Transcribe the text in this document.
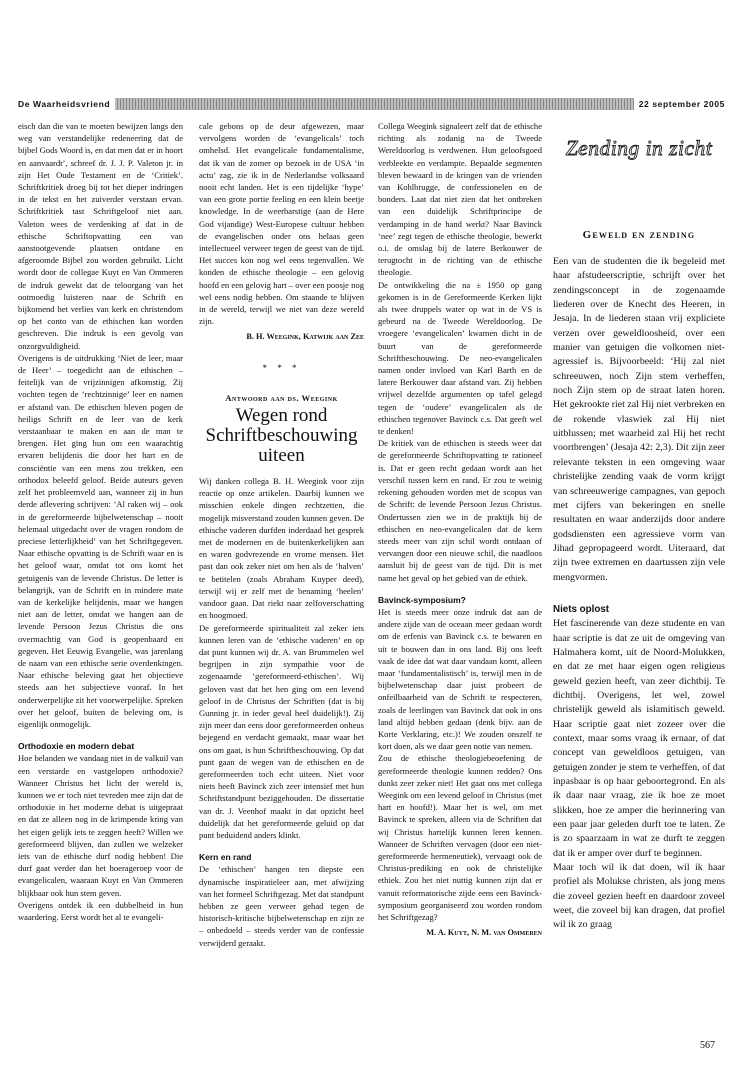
De Waarheidsvriend	22 september 2005

eisch dan die van te moeten bewijzen langs den weg van verstandelijke redeneering dat de bijbel Gods Woord is, en dat men dat er in hoort en aanvaardt’, schreef dr. J. J. P. Valeton jr. in zijn Het Oude Testament en de ‘Critiek’. Schriftkritiek droeg bij tot het dieper indringen in de tekst en het zuiverder verstaan ervan. Schriftkritiek tast Schriftgeloof niet aan. Valeton wees de verdenking af dat in de ethische Schriftopvatting een van aanstootgevende plaatsen ontdane en afgeroomde Bijbel zou worden gebruikt. Licht wordt door de collegae Kuyt en Van Ommeren de indruk gewekt dat de teloorgang van het ootmoedig luisteren naar de Schrift en bijkomend het verlies van kerk en christendom op het conto van de ethischen kan worden geschreven. Die indruk is een gevolg van onzorgvuldigheid.

Overigens is de uitdrukking ‘Niet de leer, maar de Heer’ – toegedicht aan de ethischen – feitelijk van de vrijzinnigen afkomstig. Zij vochten tegen de ‘rechtzinnige’ leer en namen er afstand van. De ethischen bleven pogen de heiligs Schrift en de leer van de kerk verstaanbaar te maken en aan de man te brengen. Het ging hun om een waarachtig ervaren belijdenis die door het hart en de consciëntie van een mens zou trekken, een orthodox beleefd geloof. Beide auteurs geven zelf het probleemveld aan, wanneer zij in hun derde aflevering schrijven: ‘Al raken wij – ook in de gereformeerde bijbelwetenschap – nooit helemaal uitgedacht over de vragen rondom de preciese letterlijkheid’ van het Schriftgegeven. Naar ethische opvatting is de Schrift waar en is het geloof waar, omdat tot ons komt het getuigenis van de levende Christus. De letter is belangrijk, van de Schrift en in mindere mate van de kerkelijke belijdenis, maar we hangen niet aan de letter, omdat we hangen aan de levende Persoon Jezus Christus die ons overmachtig van God is geopenbaard en gegeven. Het Eeuwig Evangelie, was jarenlang de naam van een ethische serie overdenkingen. Naar ethische beleving gaat het objectieve steeds aan het subjectieve vooraf. In het onderwerpelijke zit het voorwerpelijke. Spreken over het geloof, buiten de beleving om, is eigenlijk onmogelijk.

Orthodoxie en modern debat

Hoe belanden we vandaag niet in de valkuil van een verstarde en vastgelopen orthodoxie? Wanneer Christus het licht der wereld is, kunnen we er toch niet tevreden mee zijn dat de orthodoxie in het moderne debat is uitgepraat en dat ze alleen nog in de krimpende kring van het eigen gelijk iets te zeggen heeft? Willen we gereformeerd blijven, dan zullen we welzeker iets van de ethische durf nodig hebben! Die durf gaat verder dan het hoerageroep voor de evangelicalen, waaraan Kuyt en Van Ommeren blijkbaar ook hun stem geven.

Overigens ontdek ik een dubbelheid in hun waardering. Eerst wordt het al te evangeli-

cale gebons op de deur afgewezen, maar vervolgens worden de ‘evangelicals’ toch omhelsd. Het evangelicale fundamentalisme, dat ik van de zomer op bezoek in de USA ‘in actu’ zag, zie ik in de Nederlandse volksaard nooit echt landen. Het is een tijdelijke ‘hype’ van een grote portie feeling en een klein beetje knowledge. In de weerbarstige (aan de Here God vijandige) West-Europese cultuur hebben de evangelischen onder ons helaas geen intellectueel verweer tegen de geest van de tijd. Het succes kon nog wel eens tegenvallen. We konden de ethische theologie – een gelovig hoofd en een gelovig hart – over een poosje nog wel eens nodig hebben. Om staande te blijven in de wereld, terwijl we niet van deze wereld zijn.

B. H. Weegink, Katwijk aan Zee

* * *

Antwoord aan ds. Weegink

Wegen rond Schriftbeschouwing uiteen

Wij danken collega B. H. Weegink voor zijn reactie op onze artikelen. Daarbij kunnen we misschien enkele dingen rechtzetten, die mogelijk misverstand zouden kunnen geven. De ethische vaderen durfden inderdaad het gesprek met de modernen en de buitenkerkelijken aan en waren godvrezende en vrome mensen. Het past dan ook zeker niet om hen als de ‘halven’ te betitelen (zoals Abraham Kuyper deed), terwijl wij er zelf met de benaming ‘heelen’ vandoor gaan. Dat riekt naar zelfoverschatting en hoogmoed.

De gereformeerde spiritualiteit zal zeker iets kunnen leren van de ‘ethische vaderen’ en op dat punt kunnen wij dr. A. van Brummelen wel begrijpen in zijn sympathie voor de zogenaamde ‘gereformeerd-ethischen’. Wij geloven vast dat het hen ging om een levend geloof in de Christus der Schriften (dat is bij Gunning jr. in ieder geval heel duidelijk!). Zij zijn meer dan eens door gereformeerden onheus bejegend en verdacht gemaakt, maar waar het ons om gaat, is hun Schriftbeschouwing. Op dat punt gaan de wegen van de ethischen en de gereformeerden toch echt uiteen. Niet voor niets heeft Bavinck zich zeer intensief met hun Schriftstandpunt beziggehouden. De dissertatie van dr. J. Veenhof maakt in dat opzicht heel duidelijk dat het gereformeerde geluid op dat punt beduidend anders klinkt.

Kern en rand

De ‘ethischen’ hangen ten diepste een dynamische inspiratieleer aan, met afwijzing van het formeel Schriftgezag. Met dat standpunt hebben ze geen verweer gehad tegen de historisch-kritische bijbelwetenschap en zijn ze – onbedoeld – steeds verder van de confessie verwijderd geraakt.

Collega Weegink signaleert zelf dat de ethische richting als zodanig na de Tweede Wereldoorlog is verdwenen. Hun geloofsgoed verbleekte en verdampte. Bepaalde segmenten bleven bewaard in de kringen van de vrienden van Kohlbrugge, de confessionelen en de bonders. Laat dat niet zien dat het ontbreken van een duidelijk Schriftprincipe de verdamping in de hand werkt? Naar Bavinck ‘nee’ zegt tegen de ethische theologie, bewerkt o.i. de omslag bij de latere Berkouwer de terugtocht in de richting van de ethische theologie.

De ontwikkeling die na ± 1950 op gang gekomen is in de Gereformeerde Kerken lijkt als twee druppels water op wat in de VS is gebeurd na de Tweede Wereldoorlog. De vroegere ‘evangelicalen’ kwamen dicht in de buurt van de gereformeerde Schriftbeschouwing. De neo-evangelicalen namen onder invloed van Karl Barth en de latere Berkouwer daar afstand van. Zij hebben vrijwel dezelfde argumenten op tafel gelegd tegen de ‘oudere’ evangelicalen als de ethischen tegenover Bavinck c.s. Dat geeft wel te denken!

De kritiek van de ethischen is steeds weer dat de gereformeerde Schriftopvatting te rationeel is. Dat er geen recht gedaan wordt aan het verschil tussen kern en rand. Er zou te weinig rekening gehouden worden met de scopus van de Schrift: de levende Persoon Jezus Christus. Ondertussen zien we in de praktijk bij de ethischen en neo-evangelicalen dat de kern steeds meer van zijn schil wordt ontdaan of vervangen door een nieuwe schil, die naadloos aansluit bij de geest van de tijd. Dit is met name het geval op het gebied van de ethiek.

Bavinck-symposium?

Het is steeds meer onze indruk dat aan de andere zijde van de oceaan meer gedaan wordt om de erfenis van Bavinck c.s. te bewaren en uit te bouwen dan in ons land. Bij ons leeft vaak de idee dat wat daar vandaan komt, alleen maar ‘fundamentalistisch’ is, terwijl men in de bijbelwetenschap daar juist probeert de onfeilbaarheid van de Schrift te respecteren, zoals de leerlingen van Bavinck dat ook in ons land altijd hebben gedaan (denk bijv. aan de Korte Verklaring, etc.)! We zouden onszelf te kort doen, als we daar geen notie van nemen.

Zou de ethische theologiebeoefening de gereformeerde theologie kunnen redden? Ons dunkt zeer zeker niet! Het gaat ons met collega Weegink om een levend geloof in Christus (met hart en hoofd!). Maar het is wel, om met Bavinck te spreken, alleen via de Schriften dat wij Christus hartelijk kunnen leren kennen. Wanneer de Schriften vervagen (door een niet-gereformeerde hermeneutiek), vervaagt ook de Christus-prediking en ook de christelijke ethiek. Zou het niet nuttig kunnen zijn dat er vanuit reformatorische zijde eens een Bavinck-symposium georganiseerd zou worden rondom het Schriftgezag?

M. A. Kuyt, N. M. van Ommeren

Zending in zicht
Geweld en zending

Een van de studenten die ik begeleid met haar afstudeerscriptie, schrijft over het zendingsconcept in de zogenaamde liederen over de Knecht des Heeren, in Jesaja. In de liederen staan vrij expliciete verzen over geweldloosheid, over een manier van getuigen die volkomen niet-agressief is. Bijvoorbeeld: ‘Hij zal niet schreeuwen, noch Zijn stem verheffen, noch Zijn stem op de straat laten horen. Het gekrookte riet zal Hij niet verbreken en de rokende vlaswiek zal Hij niet uitblussen; met waarheid zal Hij het recht voortbrengen’ (Jesaja 42: 2,3). Dit zijn zeer relevante teksten in een omgeving waar christelijke zending vaak de vorm krijgt van schreeuwerige campagnes, van gepoch met cijfers van bekeringen en snelle resultaten en waar anderzijds door andere godsdiensten een agressieve vorm van Jihad gepropageerd wordt. Uiteraard, dat zijn twee extremen en daartussen zijn vele mengvormen.

Niets oplost

Het fascinerende van deze studente en van haar scriptie is dat ze uit de omgeving van Halmahera komt, uit de Noord-Molukken, en dat ze met haar eigen ogen religieus geweld gezien heeft, van zeer dichtbij. Te dichtbij. Overigens, let wel, zowel christelijk geweld als islamitisch geweld. Haar scriptie gaat niet zozeer over die context, maar soms vraag ik ernaar, of dat concept van geweldloos getuigen, van getuigen zonder je stem te verheffen, of dat inpasbaar is op haar geboortegrond. En als ik daar naar vraag, zie ik hoe ze moet slikken, hoe ze amper die herinnering van een paar jaar geleden durft toe te laten. Ze is zo spaarzaam in wat ze durft te zeggen dat ik er amper over durf te beginnen.

Maar toch wil ik dat doen, wil ik haar profiel als Molukse christen, als jong mens die zoveel gezien heeft en daardoor zoveel weet, die zoveel bij kan dragen, dat profiel wil ik zo graag

567
